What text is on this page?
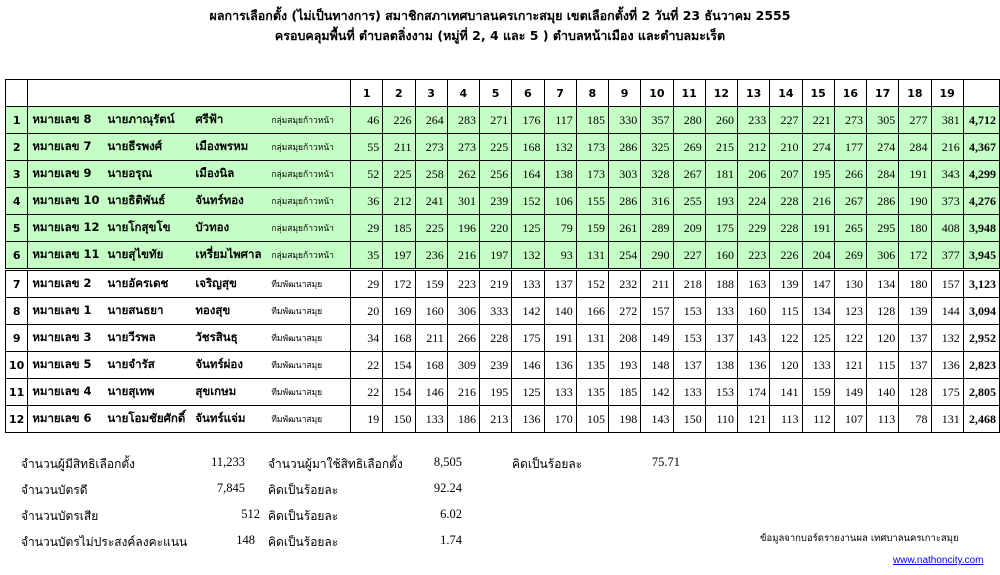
ผลการเลือกตั้ง (ไม่เป็นทางการ) สมาชิกสภาเทศบาลนครเกาะสมุย เขตเลือกตั้งที่ 2 วันที่ 23 ธันวาคม 2555
ครอบคลุมพื้นที่ ตำบลตลิ่งงาม (หมู่ที่ 2, 4 และ 5 ) ตำบลหน้าเมือง และตำบลมะเร็ต
		1	2	3	4	5	6	7	8	9	10	11	12	13	14	15	16	17	18	19	
1	หมายเลข 8 นายภาณุรัตน์ ศรีฟ้า กลุ่มสมุยก้าวหน้า	46	226	264	283	271	176	117	185	330	357	280	260	233	227	221	273	305	277	381	4,712
2	หมายเลข 7 นายธีรพงศ์ เมืองพรหม กลุ่มสมุยก้าวหน้า	55	211	273	273	225	168	132	173	286	325	269	215	212	210	274	177	274	284	216	4,367
3	หมายเลข 9 นายอรุณ เมืองนิล กลุ่มสมุยก้าวหน้า	52	225	258	262	256	164	138	173	303	328	267	181	206	207	195	266	284	191	343	4,299
4	หมายเลข 10 นายธิติพันธ์ จันทร์ทอง กลุ่มสมุยก้าวหน้า	36	212	241	301	239	152	106	155	286	316	255	193	224	228	216	267	286	190	373	4,276
5	หมายเลข 12 นายโกสุขโข บัวทอง กลุ่มสมุยก้าวหน้า	29	185	225	196	220	125	79	159	261	289	209	175	229	228	191	265	295	180	408	3,948
6	หมายเลข 11 นายสุไขทัย เหรี่ยมไพศาล กลุ่มสมุยก้าวหน้า	35	197	236	216	197	132	93	131	254	290	227	160	223	226	204	269	306	172	377	3,945
7	หมายเลข 2 นายอัครเดช เจริญสุข ทีมพัฒนาสมุย	29	172	159	223	219	133	137	152	232	211	218	188	163	139	147	130	134	180	157	3,123
8	หมายเลข 1 นายสนธยา ทองสุข ทีมพัฒนาสมุย	20	169	160	306	333	142	140	166	272	157	153	133	160	115	134	123	128	139	144	3,094
9	หมายเลข 3 นายวีรพล วัชรสินธุ ทีมพัฒนาสมุย	34	168	211	266	228	175	191	131	208	149	153	137	143	122	125	122	120	137	132	2,952
10	หมายเลข 5 นายจำรัส จันทร์ผ่อง ทีมพัฒนาสมุย	22	154	168	309	239	146	136	135	193	148	137	138	136	120	133	121	115	137	136	2,823
11	หมายเลข 4 นายสุเทพ สุขเกษม ทีมพัฒนาสมุย	22	154	146	216	195	125	133	135	185	142	133	153	174	141	159	149	140	128	175	2,805
12	หมายเลข 6 นายโอมชัยศักดิ์ จันทร์แจ่ม ทีมพัฒนาสมุย	19	150	133	186	213	136	170	105	198	143	150	110	121	113	112	107	113	78	131	2,468
จำนวนผู้มีสิทธิเลือกตั้ง	11,233 จำนวนผู้มาใช้สิทธิเลือกตั้ง	8,505	คิดเป็นร้อยละ	75.71
จำนวนบัตรดี	7,845 คิดเป็นร้อยละ	92.24
จำนวนบัตรเสีย	512 คิดเป็นร้อยละ	6.02
จำนวนบัตรไม่ประสงค์ลงคะแนน	148 คิดเป็นร้อยละ	1.74	ข้อมูลจากบอร์ดรายงานผล เทศบาลนครเกาะสมุย
www.nathoncity.com
